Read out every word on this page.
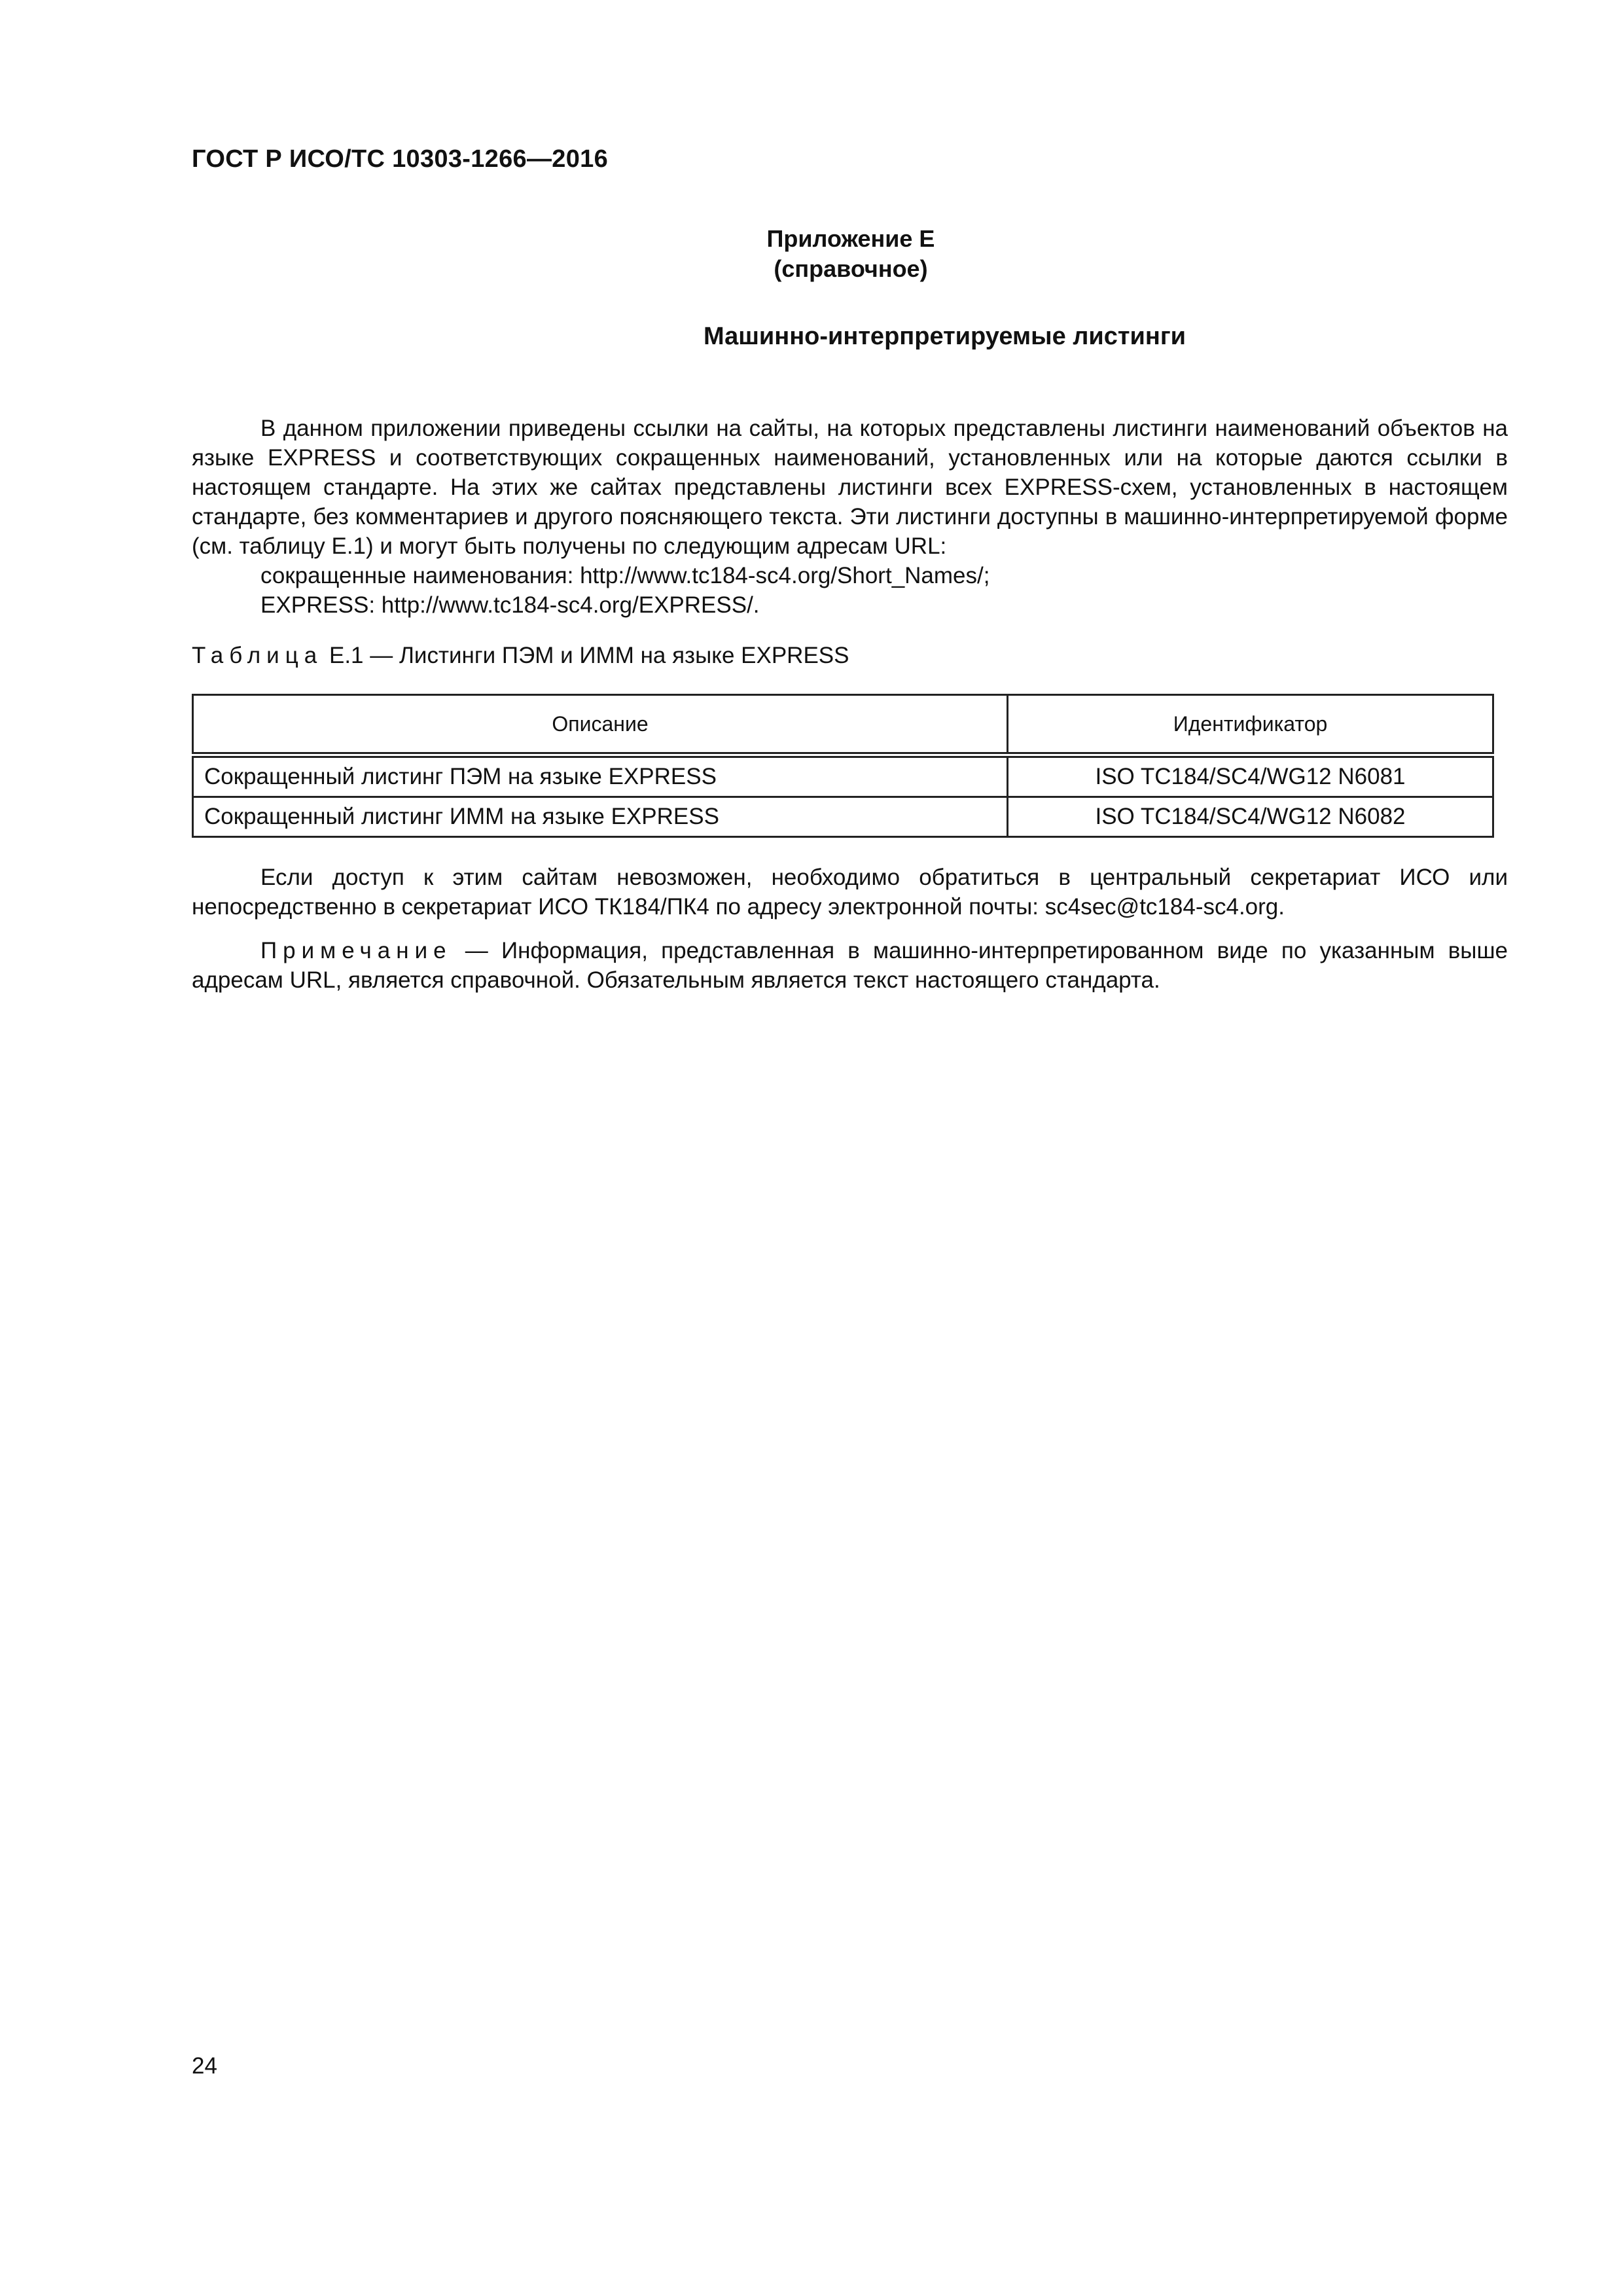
ГОСТ Р ИСО/ТС 10303-1266—2016
Приложение Е
(справочное)
Машинно-интерпретируемые листинги
В данном приложении приведены ссылки на сайты, на которых представлены листинги наименований объектов на языке EXPRESS и соответствующих сокращенных наименований, установленных или на которые даются ссылки в настоящем стандарте. На этих же сайтах представлены листинги всех EXPRESS-схем, установленных в настоящем стандарте, без комментариев и другого поясняющего текста. Эти листинги доступны в машинно-интерпретируемой форме (см. таблицу Е.1) и могут быть получены по следующим адресам URL:
сокращенные наименования: http://www.tc184-sc4.org/Short_Names/;
EXPRESS: http://www.tc184-sc4.org/EXPRESS/.
Таблица Е.1 — Листинги ПЭМ и ИММ на языке EXPRESS
Описание	Идентификатор
Сокращенный листинг ПЭМ на языке EXPRESS	ISO TC184/SC4/WG12 N6081
Сокращенный листинг ИММ на языке EXPRESS	ISO TC184/SC4/WG12 N6082
Если доступ к этим сайтам невозможен, необходимо обратиться в центральный секретариат ИСО или непосредственно в секретариат ИСО ТК184/ПК4 по адресу электронной почты: sc4sec@tc184-sc4.org.
Примечание — Информация, представленная в машинно-интерпретированном виде по указанным выше адресам URL, является справочной. Обязательным является текст настоящего стандарта.
24
